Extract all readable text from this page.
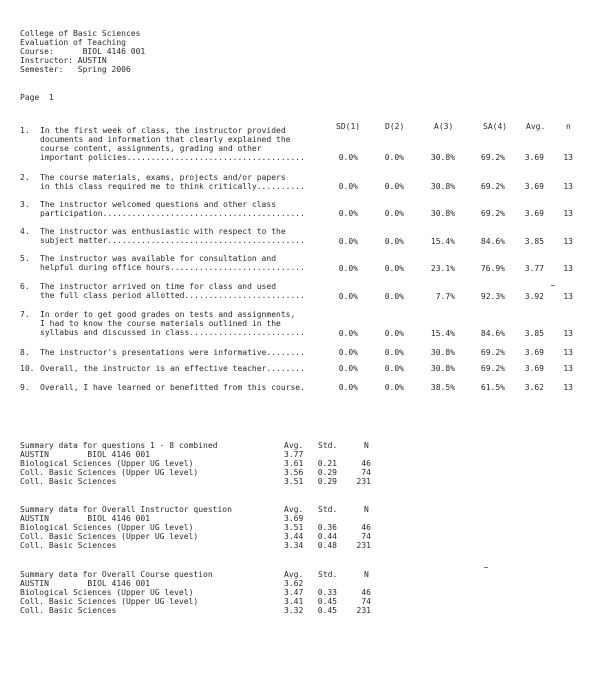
College of Basic Sciences
Evaluation of Teaching
Course:      BIOL 4146 001
Instructor: AUSTIN
Semester:   Spring 2006
Page  1
SD(1)	D(2)	A(3)	SA(4) Avg.	n
1. In the first week of class, the instructor provided
documents and information that clearly explained the
course content, assignments, grading and other
important policies.....................................	0.0%	0.0%	30.8%	69.2% 3.69 13
2. The course materials, exams, projects and/or papers
in this class required me to think critically..........	0.0%	0.0%	30.8%	69.2% 3.69 13
3. The instructor welcomed questions and other class
participation..........................................	0.0%	0.0%	30.8%	69.2% 3.69 13
4. The instructor was enthusiastic with respect to the
subject matter.........................................	0.0%	0.0%	15.4%	84.6% 3.85 13
5. The instructor was available for consultation and
helpful during office hours............................	0.0%	0.0%	23.1%	76.9% 3.77 13
6. The instructor arrived on time for class and used
the full class period allotted.........................	0.0%	0.0%	7.7%	92.3% 3.92 13
7. In order to get good grades on tests and assignments,
I had to know the course materials outlined in the
syllabus and discussed in class........................	0.0%	0.0%	15.4%	84.6% 3.85 13
8. The instructor's presentations were informative........	0.0%	0.0%	30.8%	69.2% 3.69 13
10. Overall, the instructor is an effective teacher........	0.0%	0.0%	30.8%	69.2% 3.69 13
9. Overall, I have learned or benefitted from this course.	0.0%	0.0%	38.5%	61.5% 3.62 13
Summary data for questions 1 - 8 combined	Avg. Std.	N
AUSTIN        BIOL 4146 001	3.77
Biological Sciences (Upper UG level)	3.61 0.21	46
Coll. Basic Sciences (Upper UG level)	3.56 0.29	74
Coll. Basic Sciences	3.51 0.29 231
Summary data for Overall Instructor question	Avg. Std.	N
AUSTIN        BIOL 4146 001	3.69
Biological Sciences (Upper UG level)	3.51 0.36	46
Coll. Basic Sciences (Upper UG level)	3.44 0.44	74
Coll. Basic Sciences	3.34 0.48 231
Summary data for Overall Course question	Avg. Std.	N
AUSTIN        BIOL 4146 001	3.62
Biological Sciences (Upper UG level)	3.47 0.33	46
Coll. Basic Sciences (Upper UG level)	3.41 0.45	74
Coll. Basic Sciences	3.32 0.45 231
